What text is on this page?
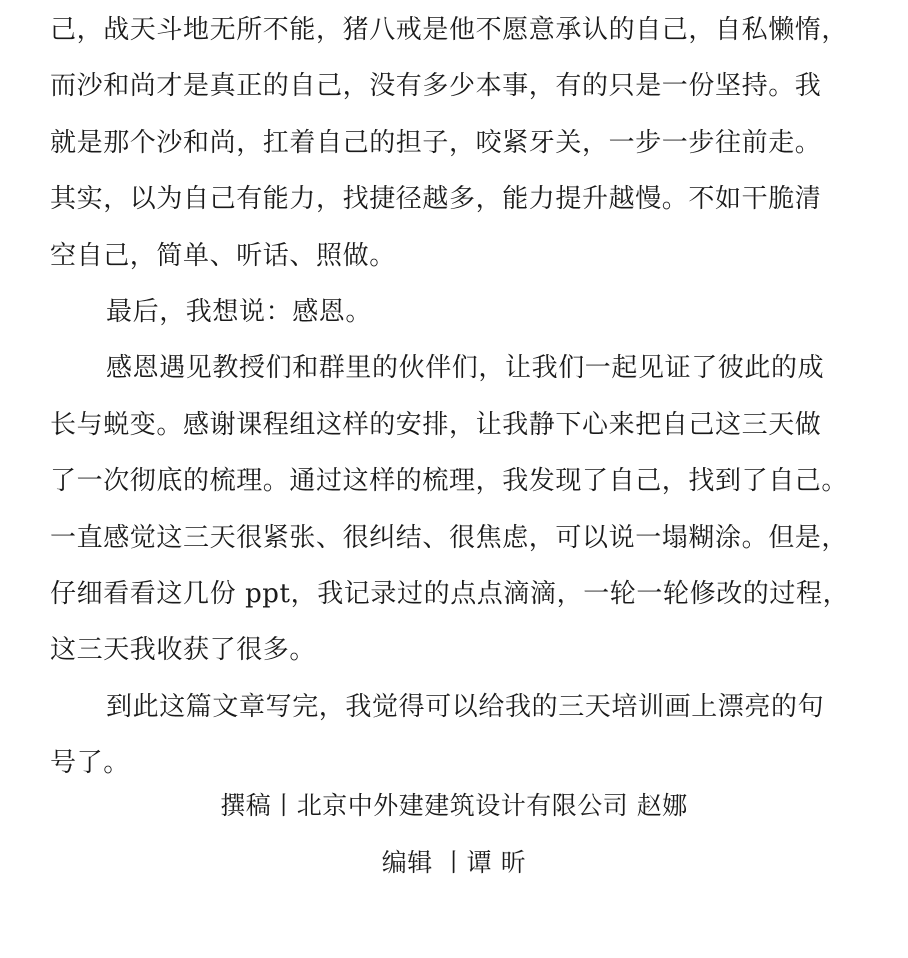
己，战天斗地无所不能，猪八戒是他不愿意承认的自己，自私懒惰，
而沙和尚才是真正的自己，没有多少本事，有的只是一份坚持。我
就是那个沙和尚，扛着自己的担子，咬紧牙关，一步一步往前走。
其实，以为自己有能力，找捷径越多，能力提升越慢。不如干脆清
空自己，简单、听话、照做。
最后，我想说：感恩。
感恩遇见教授们和群里的伙伴们，让我们一起见证了彼此的成
长与蜕变。感谢课程组这样的安排，让我静下心来把自己这三天做
了一次彻底的梳理。通过这样的梳理，我发现了自己，找到了自己。
一直感觉这三天很紧张、很纠结、很焦虑，可以说一塌糊涂。但是，
仔细看看这几份 ppt，我记录过的点点滴滴，一轮一轮修改的过程，
这三天我收获了很多。
到此这篇文章写完，我觉得可以给我的三天培训画上漂亮的句
号了。
撰稿丨北京中外建建筑设计有限公司 赵娜
编辑 丨谭 昕
